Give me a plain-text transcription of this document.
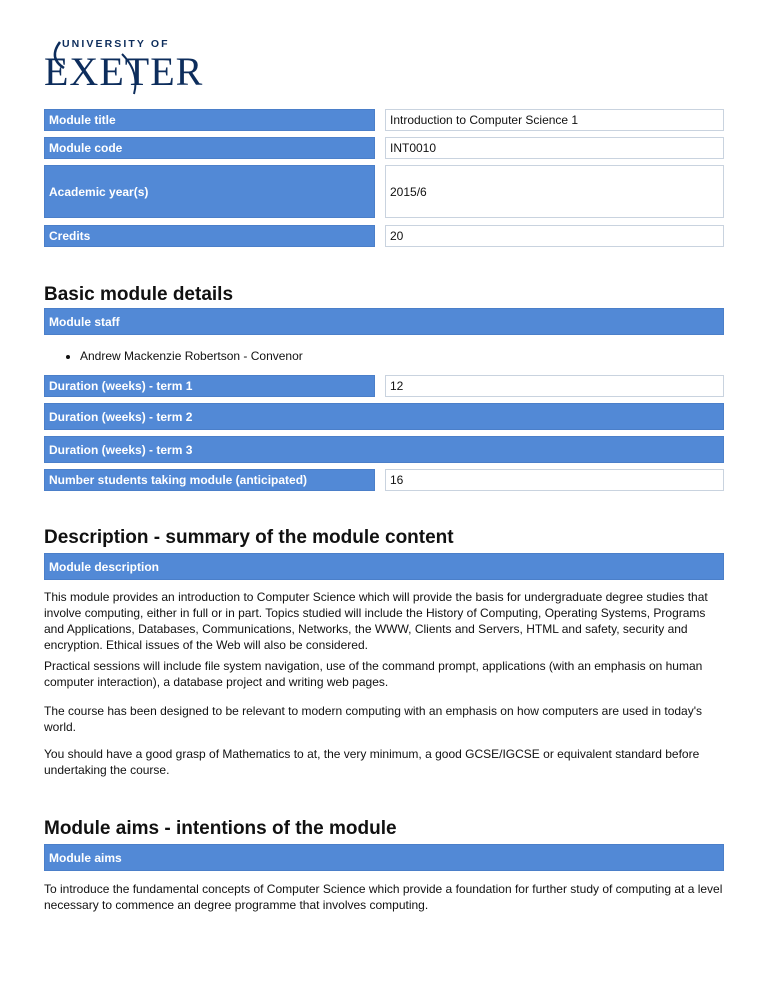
UNIVERSITY OF
EXETER
Module title	Introduction to Computer Science 1
Module code	INT0010
Academic year(s)	2015/6
Credits	20
Basic module details
Module staff
• Andrew Mackenzie Robertson - Convenor
Duration (weeks) - term 1	12
Duration (weeks) - term 2
Duration (weeks) - term 3
Number students taking module (anticipated)	16
Description - summary of the module content
Module description

This module provides an introduction to Computer Science which will provide the basis for undergraduate degree studies that involve computing, either in full or in part. Topics studied will include the History of Computing, Operating Systems, Programs and Applications, Databases, Communications, Networks, the WWW, Clients and Servers, HTML and safety, security and encryption. Ethical issues of the Web will also be considered.

Practical sessions will include file system navigation, use of the command prompt, applications (with an emphasis on human computer interaction), a database project and writing web pages.

The course has been designed to be relevant to modern computing with an emphasis on how computers are used in today's world.

You should have a good grasp of Mathematics to at, the very minimum, a good GCSE/IGCSE or equivalent standard before undertaking the course.

Module aims - intentions of the module
Module aims

To introduce the fundamental concepts of Computer Science which provide a foundation for further study of computing at a level necessary to commence an degree programme that involves computing.
